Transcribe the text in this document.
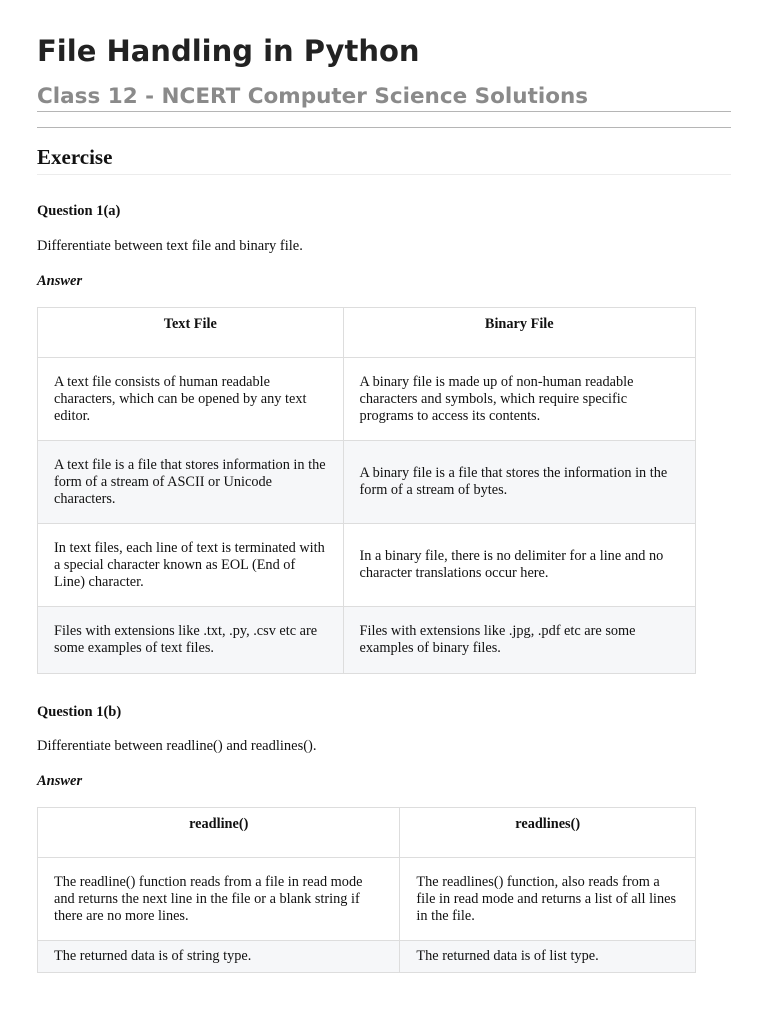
File Handling in Python
Class 12 - NCERT Computer Science Solutions
Exercise

Question 1(a)

Differentiate between text file and binary file.

Answer

Text File	Binary File
A text file consists of human readable characters, which can be opened by any text editor.	A binary file is made up of non-human readable characters and symbols, which require specific programs to access its contents.
A text file is a file that stores information in the form of a stream of ASCII or Unicode characters.	A binary file is a file that stores the information in the form of a stream of bytes.
In text files, each line of text is terminated with a special character known as EOL (End of Line) character.	In a binary file, there is no delimiter for a line and no character translations occur here.
Files with extensions like .txt, .py, .csv etc are some examples of text files.	Files with extensions like .jpg, .pdf etc are some examples of binary files.

Question 1(b)

Differentiate between readline() and readlines().

Answer

readline()	readlines()
The readline() function reads from a file in read mode and returns the next line in the file or a blank string if there are no more lines.	The readlines() function, also reads from a file in read mode and returns a list of all lines in the file.
The returned data is of string type.	The returned data is of list type.
